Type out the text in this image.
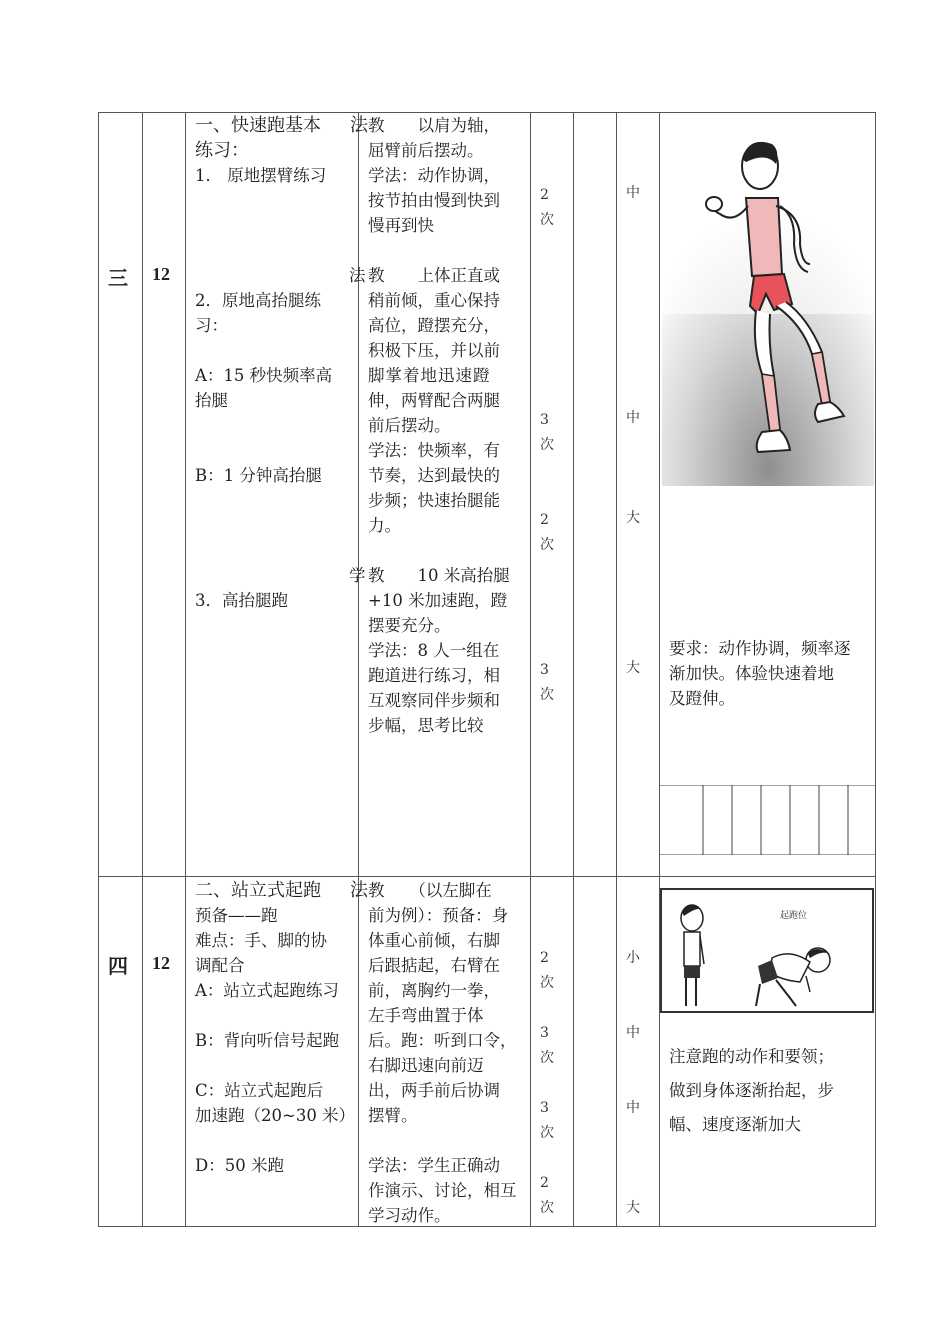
三 12
一、快速跑基本
练习：
1． 原地摆臂练习
2．原地高抬腿练
习：
A：15 秒快频率高
抬腿
B：1 分钟高抬腿
3．高抬腿跑
法 教　　以肩为轴，
屈臂前后摆动。
学法：动作协调，
按节拍由慢到快到
慢再到快
法 教　　上体正直或
稍前倾，重心保持
高位，蹬摆充分，
积极下压，并以前
脚掌着地迅速蹬
伸，两臂配合两腿
前后摆动。
学法：快频率，有
节奏，达到最快的
步频；快速抬腿能
力。
学 教　　10 米高抬腿
+10 米加速跑，蹬
摆要充分。
学法：8 人一组在
跑道进行练习，相
互观察同伴步频和
步幅，思考比较
2
次
3
次
2
次
3
次
中
中
大
大
要求：动作协调，频率逐
渐加快。体验快速着地
及蹬伸。
四 12
二、站立式起跑
预备——跑
难点：手、脚的协
调配合
A：站立式起跑练习
B：背向听信号起跑
C：站立式起跑后
加速跑（20~30 米）
D：50 米跑
法 教　　（以左脚在
前为例）：预备：身
体重心前倾，右脚
后跟掂起，右臂在
前，离胸约一拳，
左手弯曲置于体
后。跑：听到口令，
右脚迅速向前迈
出，两手前后协调
摆臂。
学法：学生正确动
作演示、讨论，相互
学习动作。
2
次
3
次
3
次
2
次
小
中
中
大
起跑位
注意跑的动作和要领；
做到身体逐渐抬起，步
幅、速度逐渐加大
